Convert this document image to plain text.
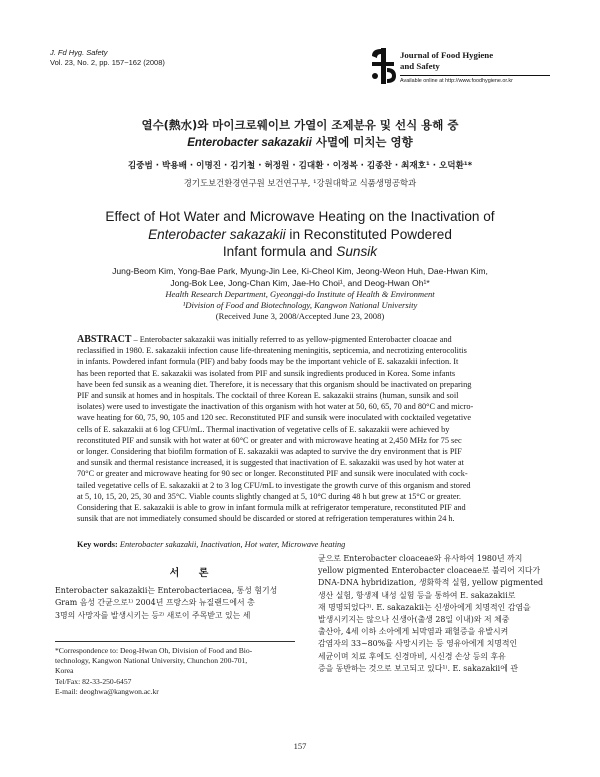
J. Fd Hyg. Safety
Vol. 23, No. 2, pp. 157~162 (2008)
Journal of Food Hygiene
and Safety
Available online at http://www.foodhygiene.or.kr
열수(熱水)와 마이크로웨이브 가열이 조제분유 및 선식 용해 중
Enterobacter sakazakii 사멸에 미치는 영향
김중범 · 박용배 · 이명진 · 김기철 · 허정원 · 김대환 · 이정복 · 김종찬 · 최재호¹ · 오덕환¹*
경기도보건환경연구원 보건연구부, ¹강원대학교 식품생명공학과
Effect of Hot Water and Microwave Heating on the Inactivation of
Enterobacter sakazakii in Reconstituted Powdered
Infant formula and Sunsik
Jung-Beom Kim, Yong-Bae Park, Myung-Jin Lee, Ki-Cheol Kim, Jeong-Weon Huh, Dae-Hwan Kim,
Jong-Bok Lee, Jong-Chan Kim, Jae-Ho Choi¹, and Deog-Hwan Oh¹*
Health Research Department, Gyeonggi-do Institute of Health & Environment
¹Division of Food and Biotechnology, Kangwon National University
(Received June 3, 2008/Accepted June 23, 2008)
ABSTRACT – Enterobacter sakazakii was initially referred to as yellow-pigmented Enterobacter cloacae and
reclassified in 1980. E. sakazakii infection cause life-threatening meningitis, septicemia, and necrotizing enterocolitis
in infants. Powdered infant formula (PIF) and baby foods may be the important vehicle of E. sakazakii infection. It
has been reported that E. sakazakii was isolated from PIF and sunsik ingredients produced in Korea. Some infants
have been fed sunsik as a weaning diet. Therefore, it is necessary that this organism should be inactivated on preparing
PIF and sunsik at homes and in hospitals. The cocktail of three Korean E. sakazakii strains (human, sunsik and soil
isolates) were used to investigate the inactivation of this organism with hot water at 50, 60, 65, 70 and 80°C and micro-
wave heating for 60, 75, 90, 105 and 120 sec. Reconstituted PIF and sunsik were inoculated with cocktailed vegetative
cells of E. sakazakii at 6 log CFU/mL. Thermal inactivation of vegetative cells of E. sakazakii were achieved by
reconstituted PIF and sunsik with hot water at 60°C or greater and with microwave heating at 2,450 MHz for 75 sec
or longer. Considering that biofilm formation of E. sakazakii was adapted to survive the dry environment that is PIF
and sunsik and thermal resistance increased, it is suggested that inactivation of E. sakazakii was used by hot water at
70°C or greater and microwave heating for 90 sec or longer. Reconstituted PIF and sunsik were inoculated with cock-
tailed vegetative cells of E. sakazakii at 2 to 3 log CFU/mL to investigate the growth curve of this organism and stored
at 5, 10, 15, 20, 25, 30 and 35°C. Viable counts slightly changed at 5, 10°C during 48 h but grew at 15°C or greater.
Considering that E. sakazakii is able to grow in infant formula milk at refrigerator temperature, reconstituted PIF and
sunsik that are not immediately consumed should be discarded or stored at refrigeration temperatures within 24 h.
Key words: Enterobacter sakazakii, Inactivation, Hot water, Microwave heating
서 론
Enterobacter sakazakii는 Enterobacteriacea, 통성 혐기성
Gram 음성 간균으로¹⁾ 2004년 프랑스와 뉴질랜드에서 총
3명의 사망자를 발생시키는 등²⁾ 새로이 주목받고 있는 세
균으로 Enterobacter cloaceae와 유사하여 1980년 까지
yellow pigmented Enterobacter cloaceae로 불리어 지다가
DNA-DNA hybridization, 생화학적 실험, yellow pigmented
생산 실험, 항생제 내성 실험 등을 통하여 E. sakazakii로
재 명명되었다³⁾. E. sakazakii는 신생아에게 치명적인 감염을
발생시키지는 않으나 신생아(출생 28일 이내)와 저 체중
출산아, 4세 이하 소아에게 뇌막염과 패혈증을 유발시켜
감염자의 33~80%를 사망시키는 등 영유아에게 치명적인
세균이며 치료 후에도 신경마비, 시신경 손상 등의 후유
증을 동반하는 것으로 보고되고 있다¹⁾. E. sakazakii에 관
*Correspondence to: Deog-Hwan Oh, Division of Food and Bio-
technology, Kangwon National University, Chunchon 200-701,
Korea
Tel/Fax: 82-33-250-6457
E-mail: deoghwa@kangwon.ac.kr
157
